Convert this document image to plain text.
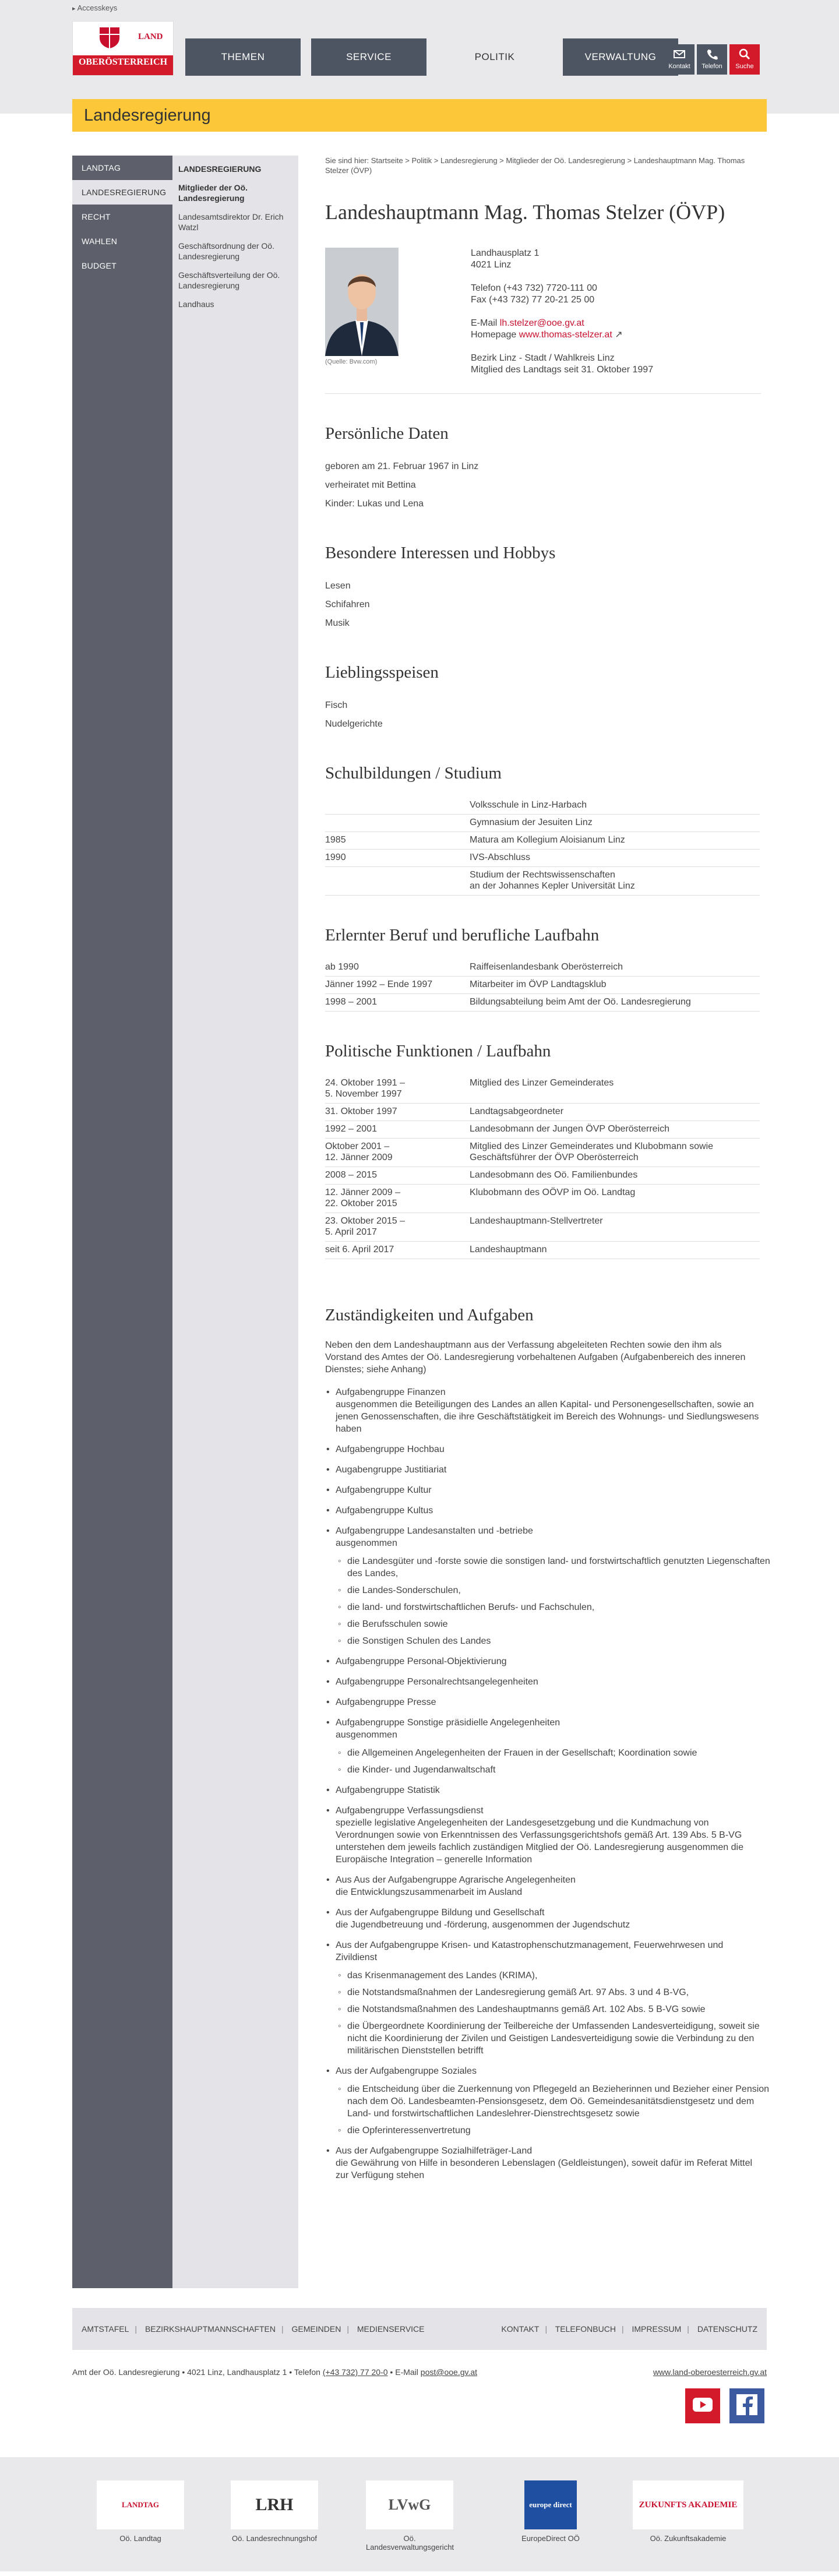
▸ Accesskeys
LAND
OBERÖSTERREICH	THEMEN	SERVICE	POLITIK	VERWALTUNG
Kontakt	Telefon	Suche
Landesregierung
LANDTAG
LANDESREGIERUNG
RECHT
WAHLEN
BUDGET
LANDESREGIERUNG
Mitglieder der Oö. Landesregierung
Landesamtsdirektor Dr. Erich Watzl
Geschäftsordnung der Oö. Landesregierung
Geschäftsverteilung der Oö. Landesregierung
Landhaus
Sie sind hier: Startseite > Politik > Landesregierung > Mitglieder der Oö. Landesregierung > Landeshauptmann Mag. Thomas Stelzer (ÖVP)
Landeshauptmann Mag. Thomas Stelzer (ÖVP)
(Quelle: Bvw.com)
Landhausplatz 1
4021 Linz
Telefon (+43 732) 7720-111 00
Fax (+43 732) 77 20-21 25 00
E-Mail lh.stelzer@ooe.gv.at
Homepage www.thomas-stelzer.at ↗
Bezirk Linz - Stadt / Wahlkreis Linz
Mitglied des Landtags seit 31. Oktober 1997
Persönliche Daten
geboren am 21. Februar 1967 in Linz
verheiratet mit Bettina
Kinder: Lukas und Lena
Besondere Interessen und Hobbys
Lesen
Schifahren
Musik
Lieblingsspeisen
Fisch
Nudelgerichte
Schulbildungen / Studium
	Volksschule in Linz-Harbach
	Gymnasium der Jesuiten Linz
1985	Matura am Kollegium Aloisianum Linz
1990	IVS-Abschluss
	Studium der Rechtswissenschaften
an der Johannes Kepler Universität Linz
Erlernter Beruf und berufliche Laufbahn
ab 1990	Raiffeisenlandesbank Oberösterreich
Jänner 1992 – Ende 1997	Mitarbeiter im ÖVP Landtagsklub
1998 – 2001	Bildungsabteilung beim Amt der Oö. Landesregierung
Politische Funktionen / Laufbahn
24. Oktober 1991 –
5. November 1997	Mitglied des Linzer Gemeinderates
31. Oktober 1997	Landtagsabgeordneter
1992 – 2001	Landesobmann der Jungen ÖVP Oberösterreich
Oktober 2001 –
12. Jänner 2009	Mitglied des Linzer Gemeinderates und Klubobmann sowie
Geschäftsführer der ÖVP Oberösterreich
2008 – 2015	Landesobmann des Oö. Familienbundes
12. Jänner 2009 –
22. Oktober 2015	Klubobmann des OÖVP im Oö. Landtag
23. Oktober 2015 –
5. April 2017	Landeshauptmann-Stellvertreter
seit 6. April 2017	Landeshauptmann
Zuständigkeiten und Aufgaben

Neben den dem Landeshauptmann aus der Verfassung abgeleiteten Rechten sowie den ihm als Vorstand des Amtes der Oö. Landesregierung vorbehaltenen Aufgaben (Aufgabenbereich des inneren Dienstes; siehe Anhang)

• Aufgabengruppe Finanzen
ausgenommen die Beteiligungen des Landes an allen Kapital- und Personengesellschaften, sowie an jenen Genossenschaften, die ihre Geschäftstätigkeit im Bereich des Wohnungs- und Siedlungswesens haben
• Aufgabengruppe Hochbau
• Augabengruppe Justitiariat
• Aufgabengruppe Kultur
• Aufgabengruppe Kultus
• Aufgabengruppe Landesanstalten und -betriebe
ausgenommen
◦ die Landesgüter und -forste sowie die sonstigen land- und forstwirtschaftlich genutzten Liegenschaften des Landes,
◦ die Landes-Sonderschulen,
◦ die land- und forstwirtschaftlichen Berufs- und Fachschulen,
◦ die Berufsschulen sowie
◦ die Sonstigen Schulen des Landes
• Aufgabengruppe Personal-Objektivierung
• Aufgabengruppe Personalrechtsangelegenheiten
• Aufgabengruppe Presse
• Aufgabengruppe Sonstige präsidielle Angelegenheiten
ausgenommen
◦ die Allgemeinen Angelegenheiten der Frauen in der Gesellschaft; Koordination sowie
◦ die Kinder- und Jugendanwaltschaft
• Aufgabengruppe Statistik
• Aufgabengruppe Verfassungsdienst
spezielle legislative Angelegenheiten der Landesgesetzgebung und die Kundmachung von Verordnungen sowie von Erkenntnissen des Verfassungsgerichtshofs gemäß Art. 139 Abs. 5 B-VG unterstehen dem jeweils fachlich zuständigen Mitglied der Oö. Landesregierung ausgenommen die Europäische Integration – generelle Information
• Aus Aus der Aufgabengruppe Agrarische Angelegenheiten
die Entwicklungszusammenarbeit im Ausland
• Aus der Aufgabengruppe Bildung und Gesellschaft
die Jugendbetreuung und -förderung, ausgenommen der Jugendschutz
• Aus der Aufgabengruppe Krisen- und Katastrophenschutzmanagement, Feuerwehrwesen und Zivildienst
◦ das Krisenmanagement des Landes (KRIMA),
◦ die Notstandsmaßnahmen der Landesregierung gemäß Art. 97 Abs. 3 und 4 B-VG,
◦ die Notstandsmaßnahmen des Landeshauptmanns gemäß Art. 102 Abs. 5 B-VG sowie
◦ die Übergeordnete Koordinierung der Teilbereiche der Umfassenden Landesverteidigung, soweit sie nicht die Koordinierung der Zivilen und Geistigen Landesverteidigung sowie die Verbindung zu den militärischen Dienststellen betrifft
• Aus der Aufgabengruppe Soziales
◦ die Entscheidung über die Zuerkennung von Pflegegeld an Bezieherinnen und Bezieher einer Pension nach dem Oö. Landesbeamten-Pensionsgesetz, dem Oö. Gemeindesanitätsdienstgesetz und dem Land- und forstwirtschaftlichen Landeslehrer-Dienstrechtsgesetz sowie
◦ die Opferinteressenvertretung
• Aus der Aufgabengruppe Sozialhilfeträger-Land
die Gewährung von Hilfe in besonderen Lebenslagen (Geldleistungen), soweit dafür im Referat Mittel zur Verfügung stehen
AMTSTAFEL | BEZIRKSHAUPTMANNSCHAFTEN | GEMEINDEN | MEDIENSERVICE	KONTAKT | TELEFONBUCH | IMPRESSUM | DATENSCHUTZ
Amt der Oö. Landesregierung • 4021 Linz, Landhausplatz 1 • Telefon (+43 732) 77 20-0 • E-Mail post@ooe.gv.at	www.land-oberoesterreich.gv.at
LANDTAG
Oö. Landtag
LRH
Oö. Landesrechnungshof
LVwG
Oö. Landesverwaltungsgericht
europe direct
EuropeDirect OÖ
ZUKUNFTS AKADEMIE
Oö. Zukunftsakademie
